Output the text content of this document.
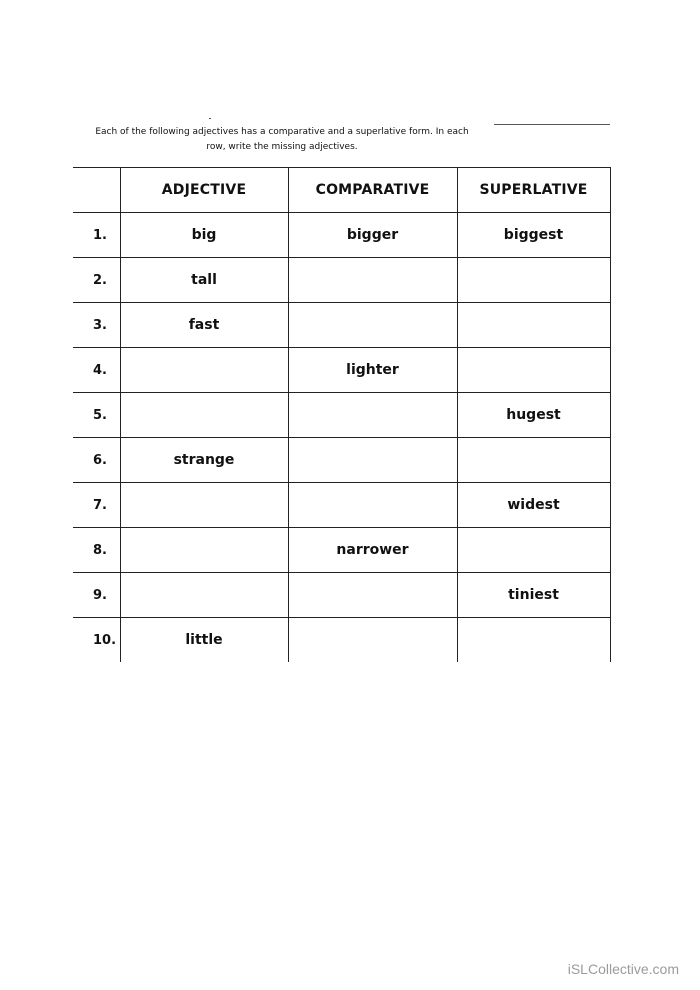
Each of the following adjectives has a comparative and a superlative form. In each
row, write the missing adjectives.
	ADJECTIVE	COMPARATIVE	SUPERLATIVE
1.	big	bigger	biggest
2.	tall		
3.	fast		
4.		lighter	
5.			hugest
6.	strange		
7.			widest
8.		narrower	
9.			tiniest
10.	little		
iSLCollective.com
